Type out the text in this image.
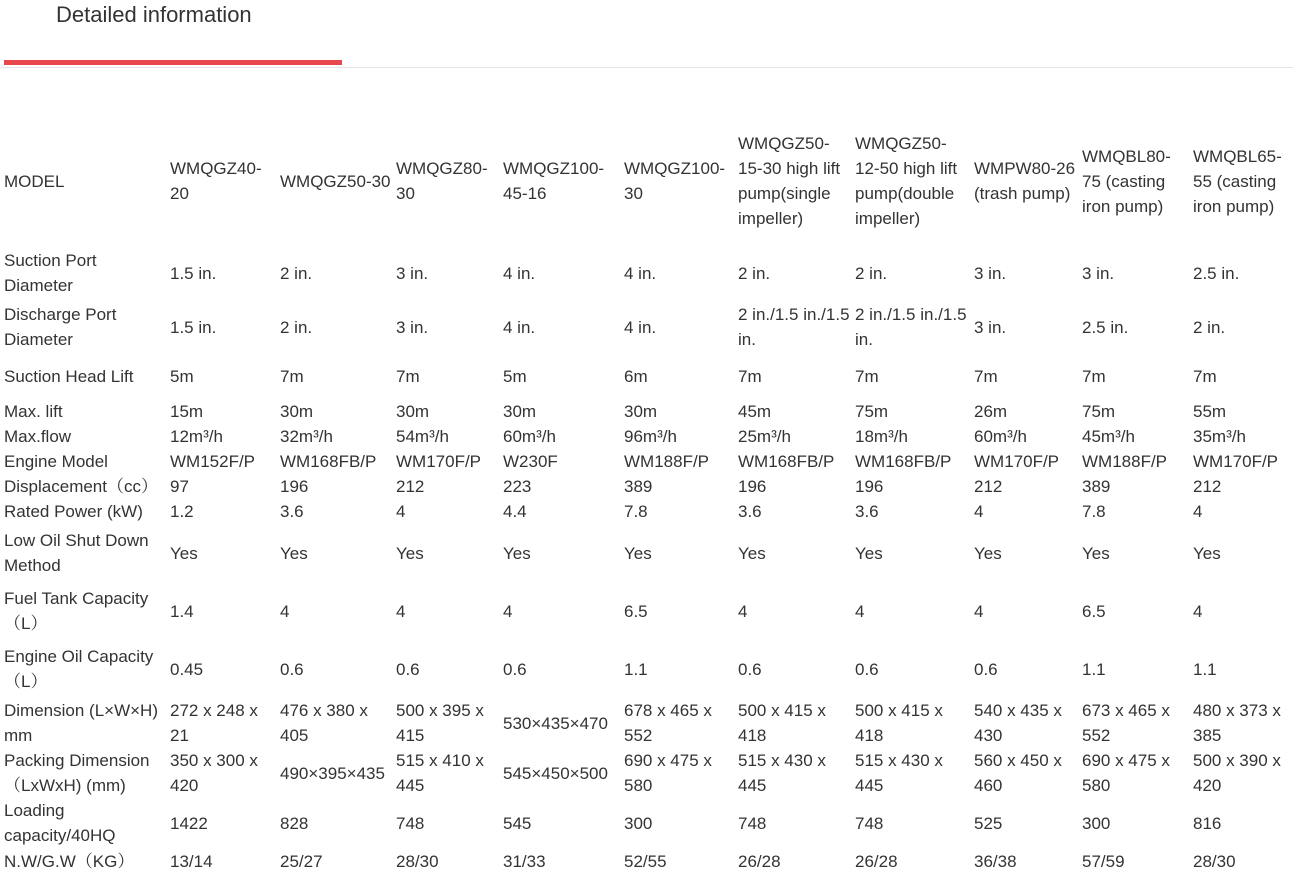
Detailed information
MODEL	WMQGZ40-20	WMQGZ50-30	WMQGZ80-30	WMQGZ100-45-16	WMQGZ100-30	WMQGZ50-15-30 high lift pump(single impeller)	WMQGZ50-12-50 high lift pump(double impeller)	WMPW80-26 (trash pump)	WMQBL80-75 (casting iron pump)	WMQBL65-55 (casting iron pump)
Suction Port Diameter	1.5 in.	2 in.	3 in.	4 in.	4 in.	2 in.	2 in.	3 in.	3 in.	2.5 in.
Discharge Port Diameter	1.5 in.	2 in.	3 in.	4 in.	4 in.	2 in./1.5 in./1.5 in.	2 in./1.5 in./1.5 in.	3 in.	2.5 in.	2 in.
Suction Head Lift	5m	7m	7m	5m	6m	7m	7m	7m	7m	7m
Max. lift	15m	30m	30m	30m	30m	45m	75m	26m	75m	55m
Max.flow	12m³/h	32m³/h	54m³/h	60m³/h	96m³/h	25m³/h	18m³/h	60m³/h	45m³/h	35m³/h
Engine Model	WM152F/P	WM168FB/P	WM170F/P	W230F	WM188F/P	WM168FB/P	WM168FB/P	WM170F/P	WM188F/P	WM170F/P
Displacement（cc）	97	196	212	223	389	196	196	212	389	212
Rated Power (kW)	1.2	3.6	4	4.4	7.8	3.6	3.6	4	7.8	4
Low Oil Shut Down Method	Yes	Yes	Yes	Yes	Yes	Yes	Yes	Yes	Yes	Yes
Fuel Tank Capacity（L）	1.4	4	4	4	6.5	4	4	4	6.5	4
Engine Oil Capacity（L）	0.45	0.6	0.6	0.6	1.1	0.6	0.6	0.6	1.1	1.1
Dimension (L×W×H) mm	272 x 248 x 21	476 x 380 x 405	500 x 395 x 415	530×435×470	678 x 465 x 552	500 x 415 x 418	500 x 415 x 418	540 x 435 x 430	673 x 465 x 552	480 x 373 x 385
Packing Dimension（LxWxH) (mm)	350 x 300 x 420	490×395×435	515 x 410 x 445	545×450×500	690 x 475 x 580	515 x 430 x 445	515 x 430 x 445	560 x 450 x 460	690 x 475 x 580	500 x 390 x 420
Loading capacity/40HQ	1422	828	748	545	300	748	748	525	300	816
N.W/G.W（KG）	13/14	25/27	28/30	31/33	52/55	26/28	26/28	36/38	57/59	28/30
